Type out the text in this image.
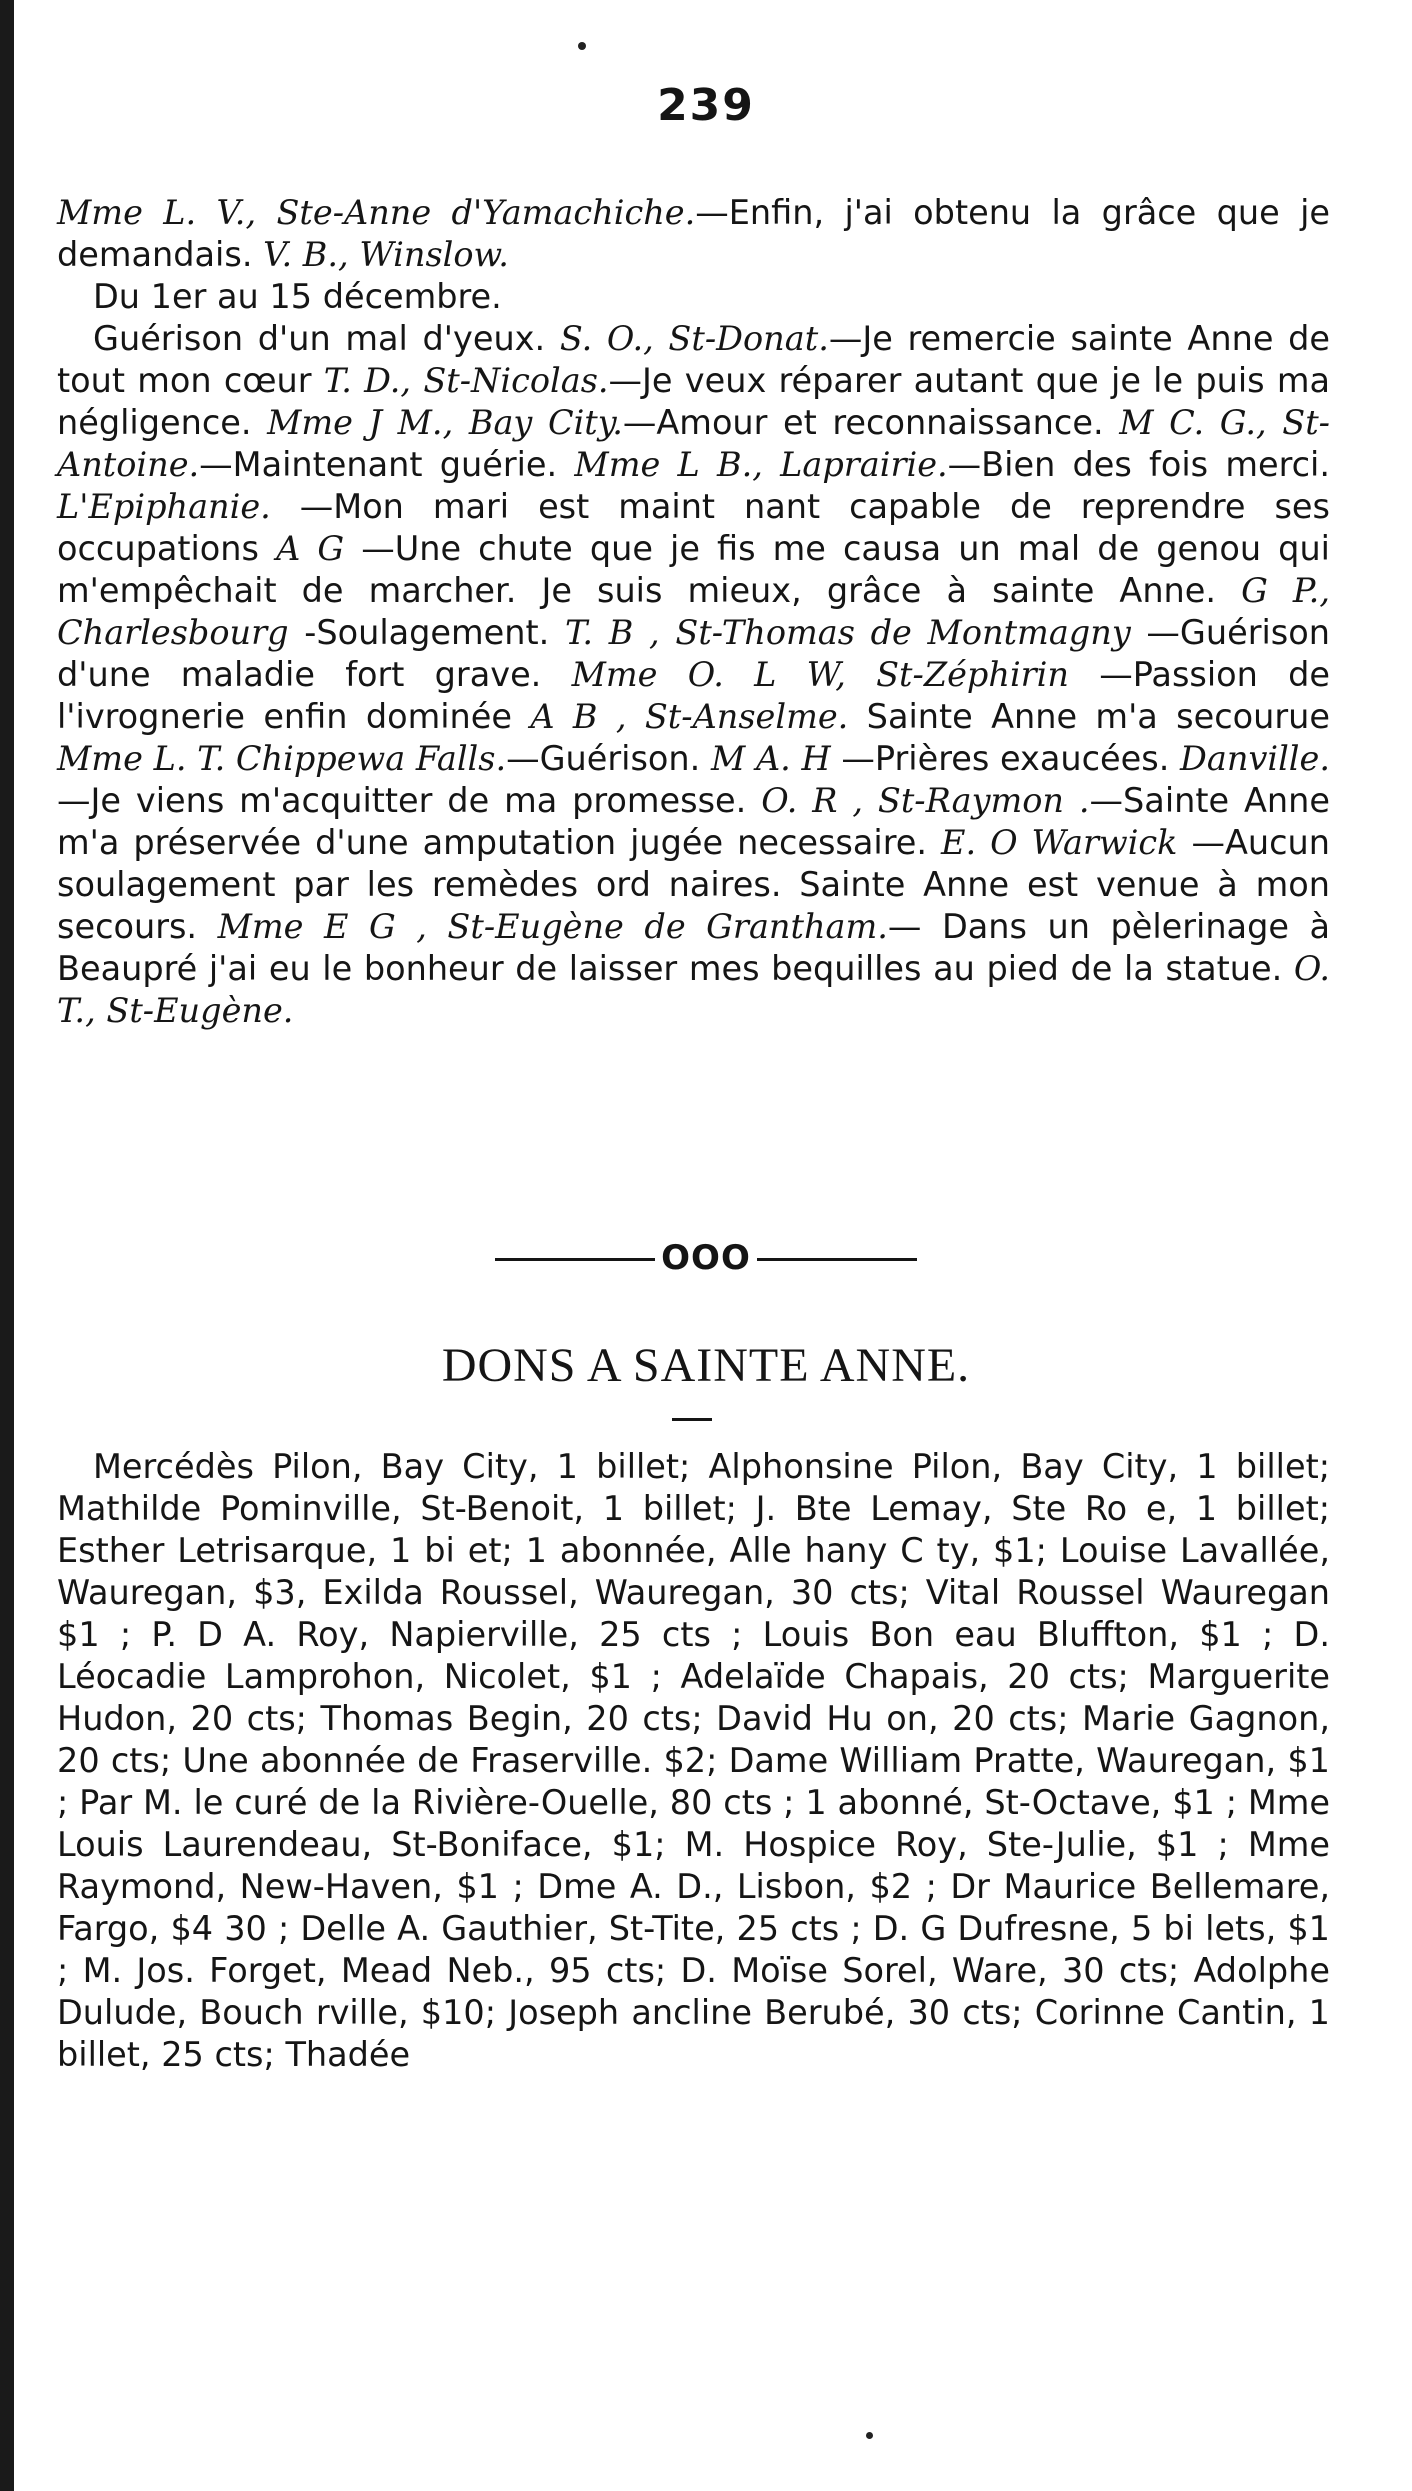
239

Mme L. V., Ste-Anne d'Yamachiche.—Enfin, j'ai obtenu la grâce que je demandais. V. B., Winslow.
Du 1er au 15 décembre.
Guérison d'un mal d'yeux. S. O., St-Donat.—Je remercie sainte Anne de tout mon cœur T. D., St-Nicolas.—Je veux réparer autant que je le puis ma négligence. Mme J M., Bay City.—Amour et reconnaissance. M C. G., St-Antoine.—Maintenant guérie. Mme L B., Laprairie.—Bien des fois merci. L'Epiphanie. —Mon mari est maint nant capable de reprendre ses occupations A G —Une chute que je fis me causa un mal de genou qui m'empêchait de marcher. Je suis mieux, grâce à sainte Anne. G P., Charlesbourg -Soulagement. T. B , St-Thomas de Montmagny —Guérison d'une maladie fort grave. Mme O. L W, St-Zéphirin —Passion de l'ivrognerie enfin dominée A B , St-Anselme. Sainte Anne m'a secourue Mme L. T. Chippewa Falls.—Guérison. M A. H —Prières exaucées. Danville.—Je viens m'acquitter de ma promesse. O. R , St-Raymon .—Sainte Anne m'a préservée d'une amputation jugée necessaire. E. O Warwick —Aucun soulagement par les remèdes ord naires. Sainte Anne est venue à mon secours. Mme E G , St-Eugène de Grantham.— Dans un pèlerinage à Beaupré j'ai eu le bonheur de laisser mes bequilles au pied de la statue. O. T., St-Eugène.

OOO
DONS A SAINTE ANNE.

Mercédès Pilon, Bay City, 1 billet; Alphonsine Pilon, Bay City, 1 billet; Mathilde Pominville, St-Benoit, 1 billet; J. Bte Lemay, Ste Ro e, 1 billet; Esther Letrisarque, 1 bi et; 1 abonnée, Alle hany C ty, $1; Louise Lavallée, Wauregan, $3, Exilda Roussel, Wauregan, 30 cts; Vital Roussel Wauregan $1 ; P. D A. Roy, Napierville, 25 cts ; Louis Bon eau Bluffton, $1 ; D. Léocadie Lamprohon, Nicolet, $1 ; Adelaïde Chapais, 20 cts; Marguerite Hudon, 20 cts; Thomas Begin, 20 cts; David Hu on, 20 cts; Marie Gagnon, 20 cts; Une abonnée de Fraserville. $2; Dame William Pratte, Wauregan, $1 ; Par M. le curé de la Rivière-Ouelle, 80 cts ; 1 abonné, St-Octave, $1 ; Mme Louis Laurendeau, St-Boniface, $1; M. Hospice Roy, Ste-Julie, $1 ; Mme Raymond, New-Haven, $1 ; Dme A. D., Lisbon, $2 ; Dr Maurice Bellemare, Fargo, $4 30 ; Delle A. Gauthier, St-Tite, 25 cts ; D. G Dufresne, 5 bi lets, $1 ; M. Jos. Forget, Mead Neb., 95 cts; D. Moïse Sorel, Ware, 30 cts; Adolphe Dulude, Bouch rville, $10; Joseph ancline Berubé, 30 cts; Corinne Cantin, 1 billet, 25 cts; Thadée
